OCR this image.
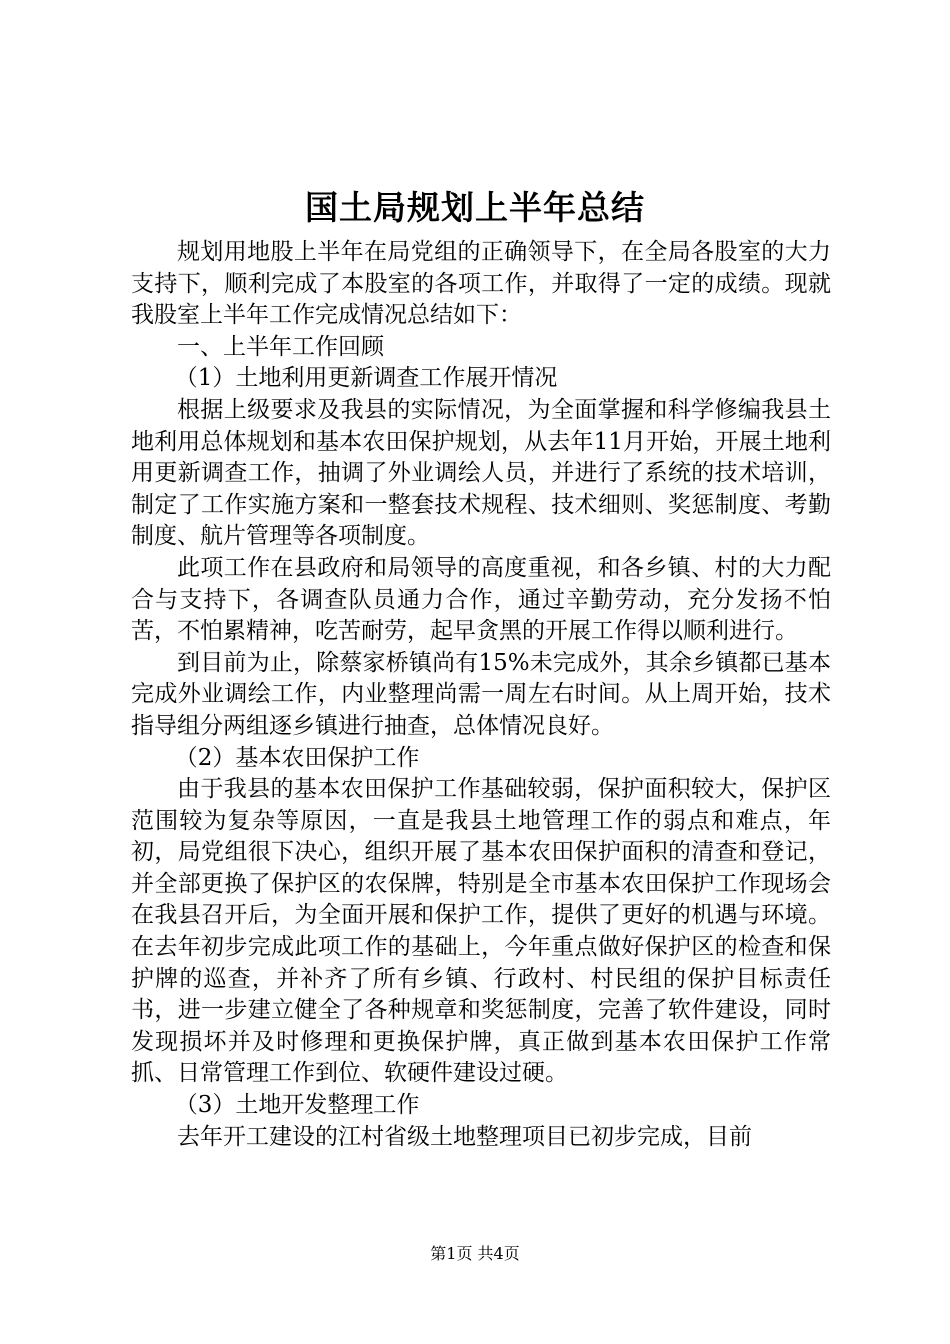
国土局规划上半年总结

规划用地股上半年在局党组的正确领导下，在全局各股室的大力支持下，顺利完成了本股室的各项工作，并取得了一定的成绩。现就我股室上半年工作完成情况总结如下：

一、上半年工作回顾

（1）土地利用更新调查工作展开情况

根据上级要求及我县的实际情况，为全面掌握和科学修编我县土地利用总体规划和基本农田保护规划，从去年11月开始，开展土地利用更新调查工作，抽调了外业调绘人员，并进行了系统的技术培训，制定了工作实施方案和一整套技术规程、技术细则、奖惩制度、考勤制度、航片管理等各项制度。

此项工作在县政府和局领导的高度重视，和各乡镇、村的大力配合与支持下，各调查队员通力合作，通过辛勤劳动，充分发扬不怕苦，不怕累精神，吃苦耐劳，起早贪黑的开展工作得以顺利进行。

到目前为止，除蔡家桥镇尚有15%未完成外，其余乡镇都已基本完成外业调绘工作，内业整理尚需一周左右时间。从上周开始，技术指导组分两组逐乡镇进行抽查，总体情况良好。

（2）基本农田保护工作

由于我县的基本农田保护工作基础较弱，保护面积较大，保护区范围较为复杂等原因，一直是我县土地管理工作的弱点和难点，年初，局党组很下决心，组织开展了基本农田保护面积的清查和登记，并全部更换了保护区的农保牌，特别是全市基本农田保护工作现场会在我县召开后，为全面开展和保护工作，提供了更好的机遇与环境。在去年初步完成此项工作的基础上，今年重点做好保护区的检查和保护牌的巡查，并补齐了所有乡镇、行政村、村民组的保护目标责任书，进一步建立健全了各种规章和奖惩制度，完善了软件建设，同时发现损坏并及时修理和更换保护牌，真正做到基本农田保护工作常抓、日常管理工作到位、软硬件建设过硬。

（3）土地开发整理工作

去年开工建设的江村省级土地整理项目已初步完成，目前

第1页 共4页
